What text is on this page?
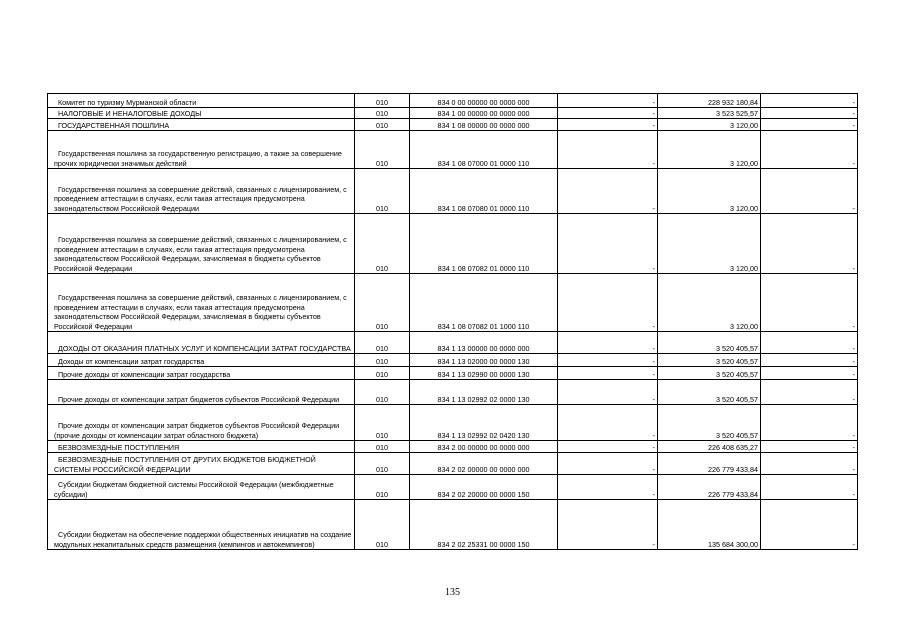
Комитет по туризму Мурманской области	010	834 0 00 00000 00 0000 000	-	228 932 180,84	-

НАЛОГОВЫЕ И НЕНАЛОГОВЫЕ ДОХОДЫ	010	834 1 00 00000 00 0000 000	-	3 523 525,57	-

ГОСУДАРСТВЕННАЯ ПОШЛИНА	010	834 1 08 00000 00 0000 000	-	3 120,00	-

Государственная пошлина за государственную регистрацию, а также за совершение прочих юридически значимых действий	010	834 1 08 07000 01 0000 110	-	3 120,00	-

Государственная пошлина за совершение действий, связанных с лицензированием, с проведением аттестации в случаях, если такая аттестация предусмотрена законодательством Российской Федерации	010	834 1 08 07080 01 0000 110	-	3 120,00	-

Государственная пошлина за совершение действий, связанных с лицензированием, с проведением аттестации в случаях, если такая аттестация предусмотрена законодательством Российской Федерации, зачисляемая в бюджеты субъектов Российской Федерации	010	834 1 08 07082 01 0000 110	-	3 120,00	-

Государственная пошлина за совершение действий, связанных с лицензированием, с проведением аттестации в случаях, если такая аттестация предусмотрена законодательством Российской Федерации, зачисляемая в бюджеты субъектов Российской Федерации	010	834 1 08 07082 01 1000 110	-	3 120,00	-

ДОХОДЫ ОТ ОКАЗАНИЯ ПЛАТНЫХ УСЛУГ И КОМПЕНСАЦИИ ЗАТРАТ ГОСУДАРСТВА	010	834 1 13 00000 00 0000 000	-	3 520 405,57	-

Доходы от компенсации затрат государства	010	834 1 13 02000 00 0000 130	-	3 520 405,57	-

Прочие доходы от компенсации затрат государства	010	834 1 13 02990 00 0000 130	-	3 520 405,57	-

Прочие доходы от компенсации затрат бюджетов субъектов Российской Федерации	010	834 1 13 02992 02 0000 130	-	3 520 405,57	-

Прочие доходы от компенсации затрат бюджетов субъектов Российской Федерации (прочие доходы от компенсации затрат областного бюджета)	010	834 1 13 02992 02 0420 130	-	3 520 405,57	-

БЕЗВОЗМЕЗДНЫЕ ПОСТУПЛЕНИЯ	010	834 2 00 00000 00 0000 000	-	226 408 635,27	-

БЕЗВОЗМЕЗДНЫЕ ПОСТУПЛЕНИЯ ОТ ДРУГИХ БЮДЖЕТОВ БЮДЖЕТНОЙ СИСТЕМЫ РОССИЙСКОЙ ФЕДЕРАЦИИ	010	834 2 02 00000 00 0000 000	-	226 779 433,84	-

Субсидии бюджетам бюджетной системы Российской Федерации (межбюджетные субсидии)	010	834 2 02 20000 00 0000 150	-	226 779 433,84	-

Субсидии бюджетам на обеспечение поддержки общественных инициатив на создание модульных некапитальных средств размещения (кемпингов и автокемпингов)	010	834 2 02 25331 00 0000 150	-	135 684 300,00	-
135
